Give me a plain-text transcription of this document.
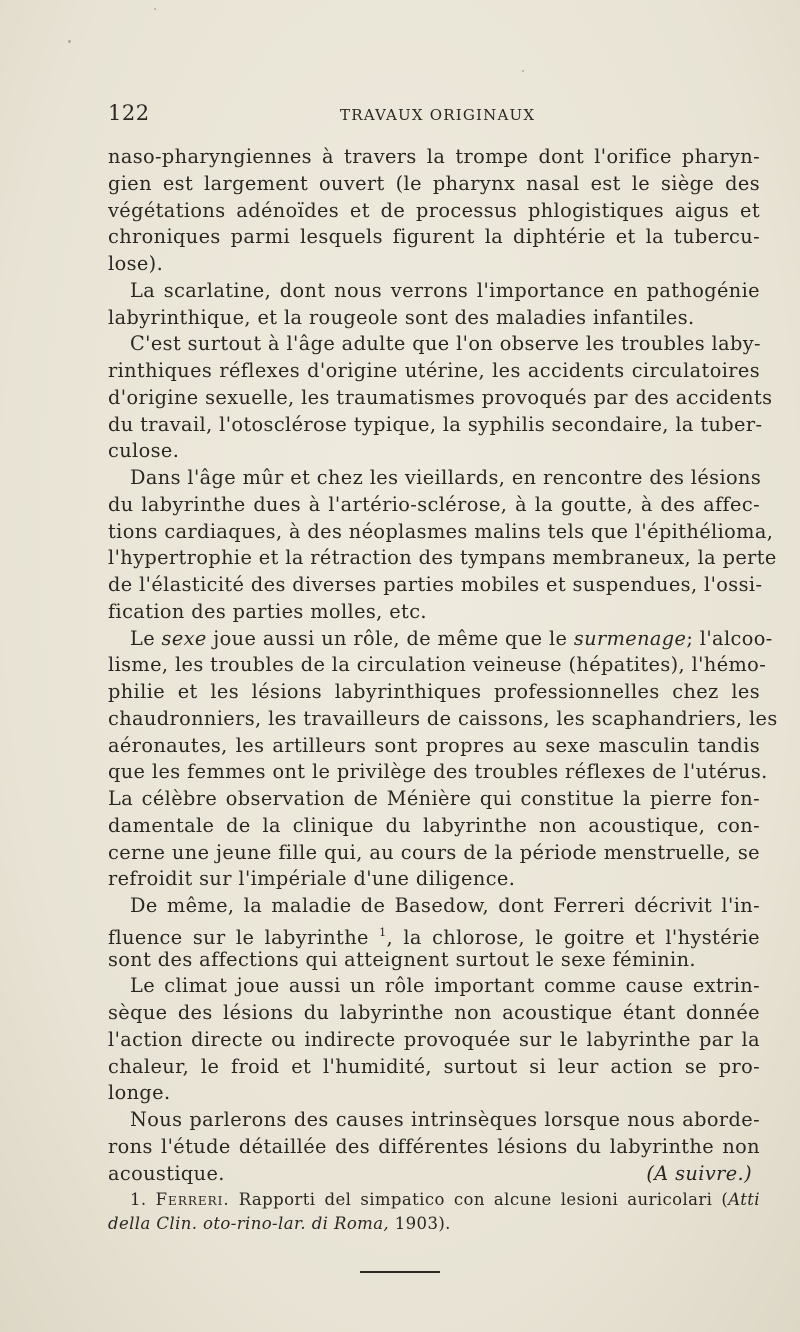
122	TRAVAUX ORIGINAUX
naso-pharyngiennes à travers la trompe dont l'orifice pharyn-
gien est largement ouvert (le pharynx nasal est le siège des
végétations adénoïdes et de processus phlogistiques aigus et
chroniques parmi lesquels figurent la diphtérie et la tubercu-
lose).
La scarlatine, dont nous verrons l'importance en pathogénie
labyrinthique, et la rougeole sont des maladies infantiles.
C'est surtout à l'âge adulte que l'on observe les troubles laby-
rinthiques réflexes d'origine utérine, les accidents circulatoires
d'origine sexuelle, les traumatismes provoqués par des accidents
du travail, l'otosclérose typique, la syphilis secondaire, la tuber-
culose.
Dans l'âge mûr et chez les vieillards, en rencontre des lésions
du labyrinthe dues à l'artério-sclérose, à la goutte, à des affec-
tions cardiaques, à des néoplasmes malins tels que l'épithélioma,
l'hypertrophie et la rétraction des tympans membraneux, la perte
de l'élasticité des diverses parties mobiles et suspendues, l'ossi-
fication des parties molles, etc.
Le sexe joue aussi un rôle, de même que le surmenage; l'alcoo-
lisme, les troubles de la circulation veineuse (hépatites), l'hémo-
philie et les lésions labyrinthiques professionnelles chez les
chaudronniers, les travailleurs de caissons, les scaphandriers, les
aéronautes, les artilleurs sont propres au sexe masculin tandis
que les femmes ont le privilège des troubles réflexes de l'utérus.
La célèbre observation de Ménière qui constitue la pierre fon-
damentale de la clinique du labyrinthe non acoustique, con-
cerne une jeune fille qui, au cours de la période menstruelle, se
refroidit sur l'impériale d'une diligence.
De même, la maladie de Basedow, dont Ferreri décrivit l'in-
fluence sur le labyrinthe $^1$, la chlorose, le goitre et l'hystérie
sont des affections qui atteignent surtout le sexe féminin.
Le climat joue aussi un rôle important comme cause extrin-
sèque des lésions du labyrinthe non acoustique étant donnée
l'action directe ou indirecte provoquée sur le labyrinthe par la
chaleur, le froid et l'humidité, surtout si leur action se pro-
longe.
Nous parlerons des causes intrinsèques lorsque nous aborde-
rons l'étude détaillée des différentes lésions du labyrinthe non
acoustique.	(A suivre.)
1. Ferreri. Rapporti del simpatico con alcune lesioni auricolari (Atti
della Clin. oto-rino-lar. di Roma, 1903).
